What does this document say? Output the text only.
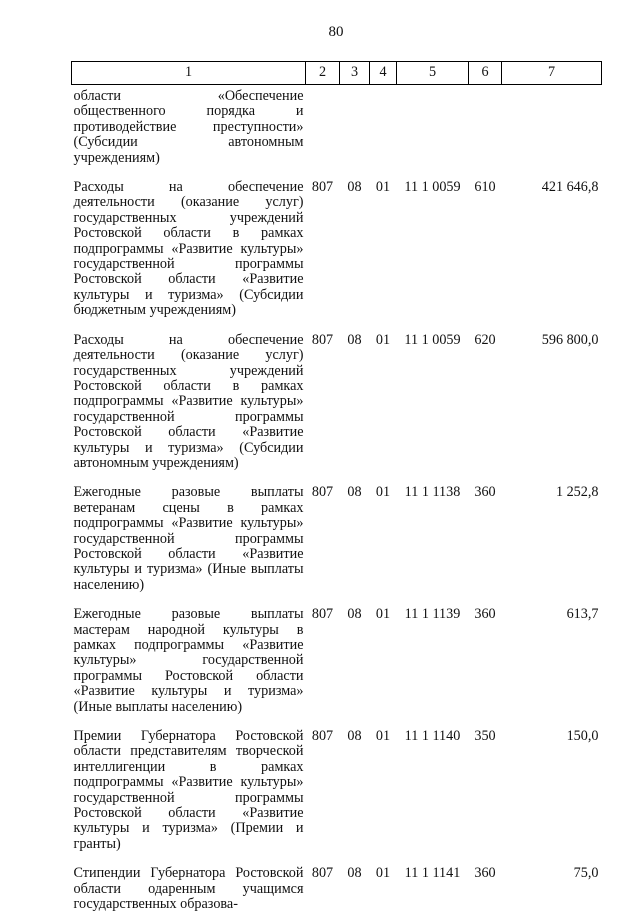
80
1	2	3	4	5	6	7

области «Обеспечение общественного порядка и противодействие преступности» (Субсидии автономным учреждениям)						

Расходы на обеспечение деятельности (оказание услуг) государственных учреждений Ростовской области в рамках подпрограммы «Развитие культуры» государственной программы Ростовской области «Развитие культуры и туризма» (Субсидии бюджетным учреждениям)	807	08	01	11 1 0059	610	421 646,8

Расходы на обеспечение деятельности (оказание услуг) государственных учреждений Ростовской области в рамках подпрограммы «Развитие культуры» государственной программы Ростовской области «Развитие культуры и туризма» (Субсидии автономным учреждениям)	807	08	01	11 1 0059	620	596 800,0

Ежегодные разовые выплаты ветеранам сцены в рамках подпрограммы «Развитие культуры» государственной программы Ростовской области «Развитие культуры и туризма» (Иные выплаты населению)	807	08	01	11 1 1138	360	1 252,8

Ежегодные разовые выплаты мастерам народной культуры в рамках подпрограммы «Развитие культуры» государственной программы Ростовской области «Развитие культуры и туризма» (Иные выплаты населению)	807	08	01	11 1 1139	360	613,7

Премии Губернатора Ростовской области представителям творческой интеллигенции в рамках подпрограммы «Развитие культуры» государственной программы Ростовской области «Развитие культуры и туризма» (Премии и гранты)	807	08	01	11 1 1140	350	150,0

Стипендии Губернатора Ростовской области одаренным учащимся государственных образова-	807	08	01	11 1 1141	360	75,0
